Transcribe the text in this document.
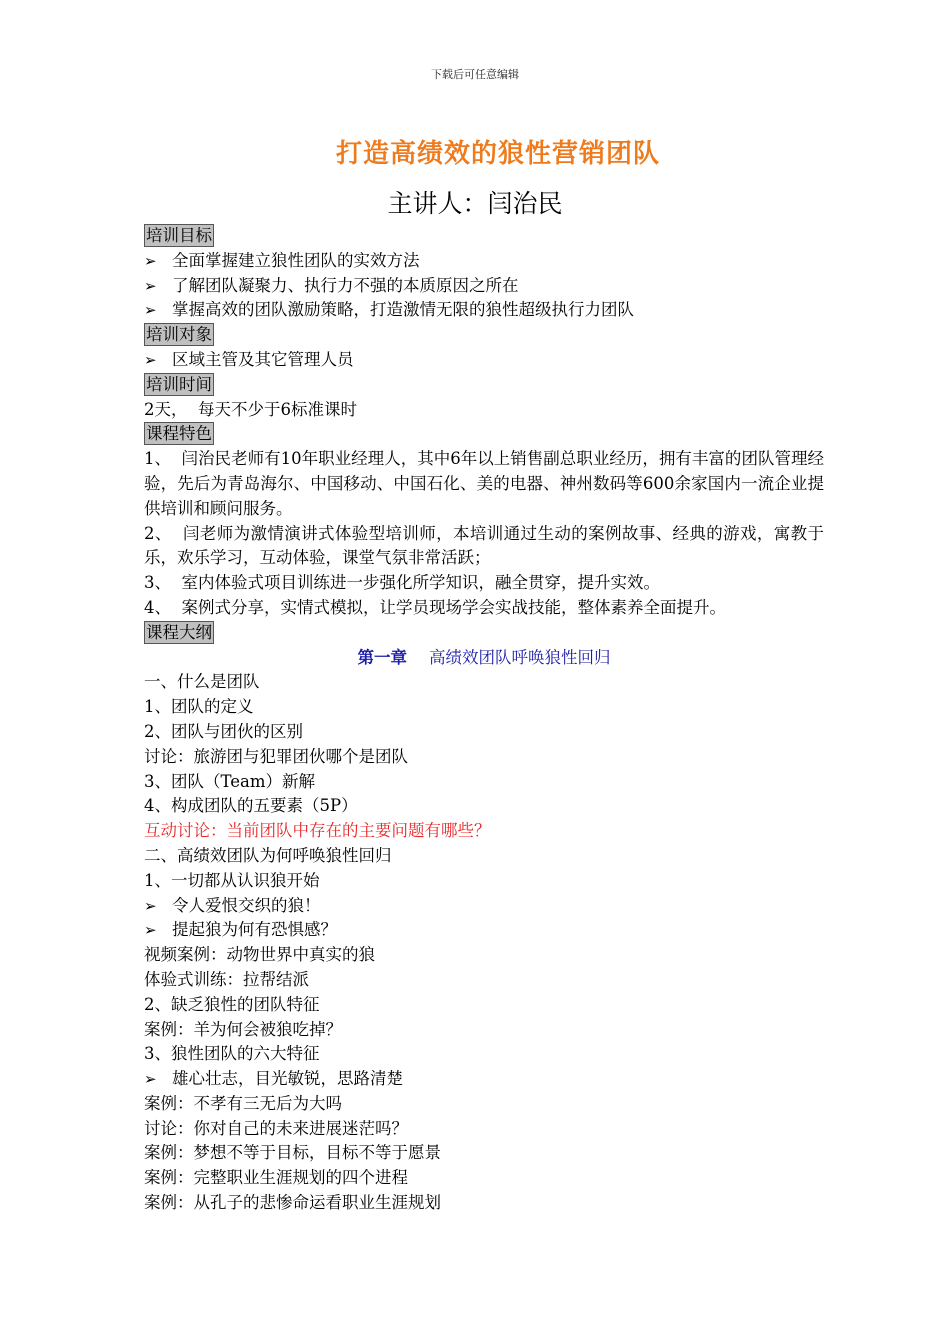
下载后可任意编辑
打造高绩效的狼性营销团队
主讲人：闫治民
培训目标
➢ 全面掌握建立狼性团队的实效方法
➢ 了解团队凝聚力、执行力不强的本质原因之所在
➢ 掌握高效的团队激励策略，打造激情无限的狼性超级执行力团队
培训对象
➢ 区域主管及其它管理人员
培训时间
2天，  每天不少于6标准课时
课程特色
1、  闫治民老师有10年职业经理人，其中6年以上销售副总职业经历，拥有丰富的团队管理经验，先后为青岛海尔、中国移动、中国石化、美的电器、神州数码等600余家国内一流企业提供培训和顾问服务。
2、  闫老师为激情演讲式体验型培训师，本培训通过生动的案例故事、经典的游戏，寓教于乐，欢乐学习，互动体验，课堂气氛非常活跃；
3、  室内体验式项目训练进一步强化所学知识，融全贯穿，提升实效。
4、  案例式分享，实情式模拟，让学员现场学会实战技能，整体素养全面提升。
课程大纲
第一章 高绩效团队呼唤狼性回归
一、什么是团队
1、团队的定义
2、团队与团伙的区别
讨论：旅游团与犯罪团伙哪个是团队
3、团队（Team）新解
4、构成团队的五要素（5P）
互动讨论：当前团队中存在的主要问题有哪些？
二、高绩效团队为何呼唤狼性回归
1、一切都从认识狼开始
➢ 令人爱恨交织的狼！
➢ 提起狼为何有恐惧感？
视频案例：动物世界中真实的狼
体验式训练：拉帮结派
2、缺乏狼性的团队特征
案例：羊为何会被狼吃掉？
3、狼性团队的六大特征
➢ 雄心壮志，目光敏锐，思路清楚
案例：不孝有三无后为大吗
讨论：你对自己的未来进展迷茫吗？
案例：梦想不等于目标，目标不等于愿景
案例：完整职业生涯规划的四个进程
案例：从孔子的悲惨命运看职业生涯规划
